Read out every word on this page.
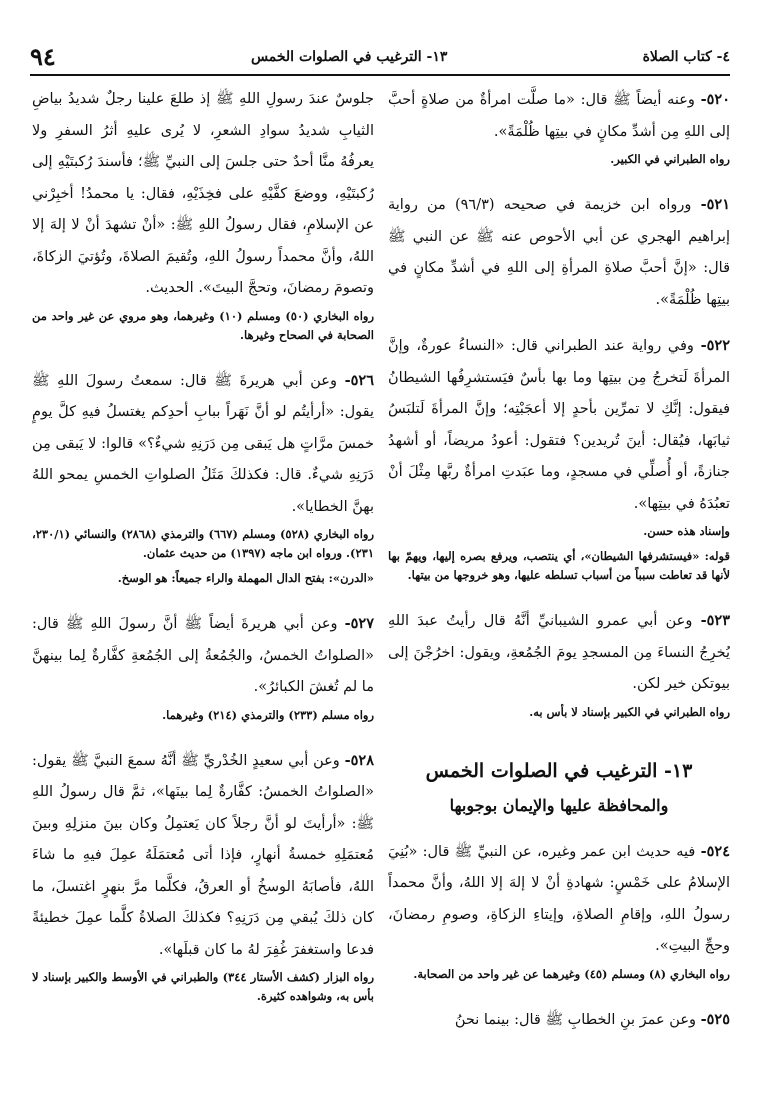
٩٤	١٣- الترغيب في الصلوات الخمس	٤- كتاب الصلاة

٥٢٠- وعنه أيضاً ﷺ قال: «ما صلَّت امرأةٌ من صلاةٍ أحبَّ إلى اللهِ مِن أشدِّ مكانٍ في بيتِها ظُلْمَةً».

رواه الطبراني في الكبير.

٥٢١- ورواه ابن خزيمة في صحيحه (٩٦/٣) من رواية إبراهيم الهجري عن أبي الأحوص عنه ﷺ عن النبي ﷺ قال: «إنَّ أحبَّ صلاةِ المرأةِ إلى اللهِ في أشدِّ مكانٍ في بيتِها ظُلْمَةً».

٥٢٢- وفي رواية عند الطبراني قال: «النساءُ عورةٌ، وإنَّ المرأةَ لَتخرجُ مِن بيتِها وما بها بأسٌ فيَستشرِفُها الشيطانُ فيقول: إنَّكِ لا تمرِّين بأحدٍ إلا أعجَبْتِه؛ وإنَّ المرأةَ لَتلبَسُ ثيابَها، فيُقال: أينَ تُريدين؟ فتقول: أعودُ مريضاً، أو أشهدُ جنازةً، أو أُصلِّي في مسجدٍ، وما عبَدتِ امرأةٌ ربَّها مِثْلَ أنْ تعبُدَهُ في بيتِها».

وإسناد هذه حسن.

قوله: «فيستشرفها الشيطان»، أي ينتصب، ويرفع بصره إليها، ويهمّ بها لأنها قد تعاطت سبباً من أسباب تسلطه عليها، وهو خروجها من بيتها.

٥٢٣- وعن أبي عمرو الشيبانيِّ أنَّهُ قال رأيتُ عبدَ اللهِ يُخرِجُ النساءَ مِن المسجدِ يومَ الجُمُعةِ، ويقول: اخرُجْنَ إلى بيوتكن خير لكن.

رواه الطبراني في الكبير بإسناد لا بأس به.

١٣- الترغيب في الصلوات الخمس
والمحافظة عليها والإيمان بوجوبها

٥٢٤- فيه حديث ابن عمر وغيره، عن النبيِّ ﷺ قال: «بُنِيَ الإسلامُ على خَمْسٍ: شهادةِ أنْ لا إلهَ إلا اللهُ، وأنَّ محمداً رسولُ اللهِ، وإقامِ الصلاةِ، وإيتاءِ الزكاةِ، وصومِ رمضانَ، وحجِّ البيتِ».

رواه البخاري (٨) ومسلم (٤٥) وغيرهما عن غير واحد من الصحابة.

٥٢٥- وعن عمرَ بنِ الخطابِ ﷺ قال: بينما نحنُ

جلوسٌ عندَ رسولِ اللهِ ﷺ إذ طلعَ علينا رجلٌ شديدُ بياضِ الثيابِ شديدُ سوادِ الشعرِ، لا يُرى عليهِ أثرُ السفرِ ولا يعرفُهُ منَّا أحدٌ حتى جلسَ إلى النبيِّ ﷺ؛ فأسندَ رُكبتَيْهِ إلى رُكبتَيْهِ، ووضعَ كفَّيْهِ على فخِذَيْهِ، فقال: يا محمدُ! أخبِرْني عن الإسلامِ، فقال رسولُ اللهِ ﷺ: «أنْ تشهدَ أنْ لا إلهَ إلا اللهُ، وأنَّ محمداً رسولُ اللهِ، وتُقيمَ الصلاةَ، وتُؤتيَ الزكاةَ، وتصومَ رمضانَ، وتحجَّ البيتَ». الحديث.

رواه البخاري (٥٠) ومسلم (١٠) وغيرهما، وهو مروي عن غير واحد من الصحابة في الصحاح وغيرها.

٥٢٦- وعن أبي هريرةَ ﷺ قال: سمعتُ رسولَ اللهِ ﷺ يقول: «أرأيتُم لو أنَّ نَهَراً ببابِ أحدِكم يغتسلُ فيهِ كلَّ يومٍ خمسَ مرَّاتٍ هل يَبقى مِن دَرَنِهِ شيءٌ؟» قالوا: لا يَبقى مِن دَرَنِهِ شيءٌ. قال: فكذلكَ مَثَلُ الصلواتِ الخمسِ يمحو اللهُ بهنَّ الخطايا».

رواه البخاري (٥٢٨) ومسلم (٦٦٧) والترمذي (٢٨٦٨) والنسائي (٢٣٠/١، ٢٣١). ورواه ابن ماجه (١٣٩٧) من حديث عثمان.

«الدرن»: بفتح الدال المهملة والراء جميعاً: هو الوسخ.

٥٢٧- وعن أبي هريرةَ أيضاً ﷺ أنَّ رسولَ اللهِ ﷺ قال: «الصلواتُ الخمسُ، والجُمُعةُ إلى الجُمُعةِ كفَّارةٌ لِما بينهنَّ ما لم تُغشَ الكبائرُ».

رواه مسلم (٢٣٣) والترمذي (٢١٤) وغيرهما.

٥٢٨- وعن أبي سعيدٍ الخُدْريِّ ﷺ أنَّهُ سمعَ النبيَّ ﷺ يقول: «الصلواتُ الخمسُ: كفَّارةٌ لِما بينَها»، ثمَّ قال رسولُ اللهِ ﷺ: «أرأيتَ لو أنَّ رجلاً كان يَعتمِلُ وكان بينَ منزلِهِ وبينَ مُعتمَلِهِ خمسةُ أنهارٍ، فإذا أتى مُعتمَلَهُ عمِلَ فيهِ ما شاءَ اللهُ، فأصابَهُ الوسخُ أو العرقُ، فكلَّما مرَّ بنهرٍ اغتسلَ، ما كان ذلكَ يُبقي مِن دَرَنِهِ؟ فكذلكَ الصلاةُ كلَّما عمِلَ خطيئةً فدعا واستغفرَ غُفِرَ لهُ ما كان قبلَها».

رواه البزار (كشف الأستار ٣٤٤) والطبراني في الأوسط والكبير بإسناد لا بأس به، وشواهده كثيرة.
